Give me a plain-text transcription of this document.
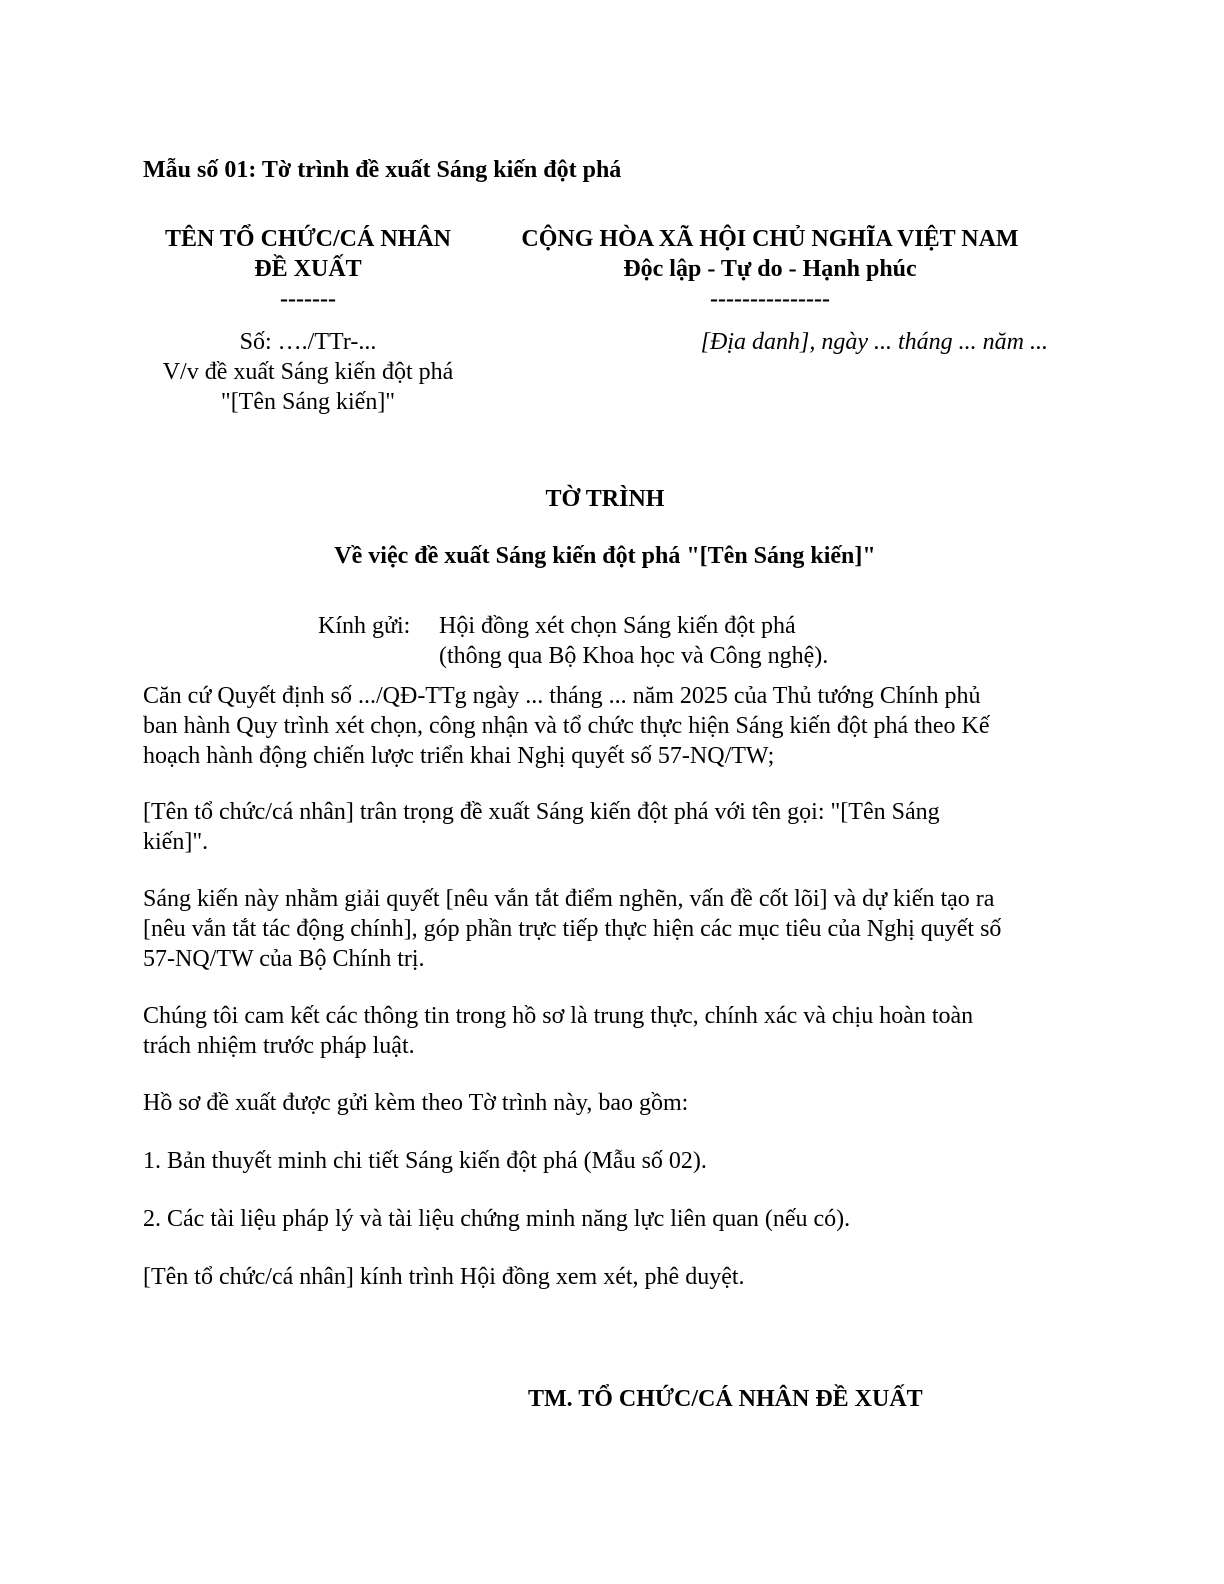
Mẫu số 01: Tờ trình đề xuất Sáng kiến đột phá
TÊN TỔ CHỨC/CÁ NHÂN
ĐỀ XUẤT
-------
Số: …./TTr-...
V/v đề xuất Sáng kiến đột phá
"[Tên Sáng kiến]"
CỘNG HÒA XÃ HỘI CHỦ NGHĨA VIỆT NAM
Độc lập - Tự do - Hạnh phúc
---------------
[Địa danh], ngày ... tháng ... năm ...
TỜ TRÌNH
Về việc đề xuất Sáng kiến đột phá "[Tên Sáng kiến]"
Kính gửi: Hội đồng xét chọn Sáng kiến đột phá
(thông qua Bộ Khoa học và Công nghệ).
Căn cứ Quyết định số .../QĐ-TTg ngày ... tháng ... năm 2025 của Thủ tướng Chính phủ
ban hành Quy trình xét chọn, công nhận và tổ chức thực hiện Sáng kiến đột phá theo Kế
hoạch hành động chiến lược triển khai Nghị quyết số 57-NQ/TW;
[Tên tổ chức/cá nhân] trân trọng đề xuất Sáng kiến đột phá với tên gọi: "[Tên Sáng
kiến]".
Sáng kiến này nhằm giải quyết [nêu vắn tắt điểm nghẽn, vấn đề cốt lõi] và dự kiến tạo ra
[nêu vắn tắt tác động chính], góp phần trực tiếp thực hiện các mục tiêu của Nghị quyết số
57-NQ/TW của Bộ Chính trị.
Chúng tôi cam kết các thông tin trong hồ sơ là trung thực, chính xác và chịu hoàn toàn
trách nhiệm trước pháp luật.
Hồ sơ đề xuất được gửi kèm theo Tờ trình này, bao gồm:
1. Bản thuyết minh chi tiết Sáng kiến đột phá (Mẫu số 02).
2. Các tài liệu pháp lý và tài liệu chứng minh năng lực liên quan (nếu có).
[Tên tổ chức/cá nhân] kính trình Hội đồng xem xét, phê duyệt.
TM. TỔ CHỨC/CÁ NHÂN ĐỀ XUẤT
